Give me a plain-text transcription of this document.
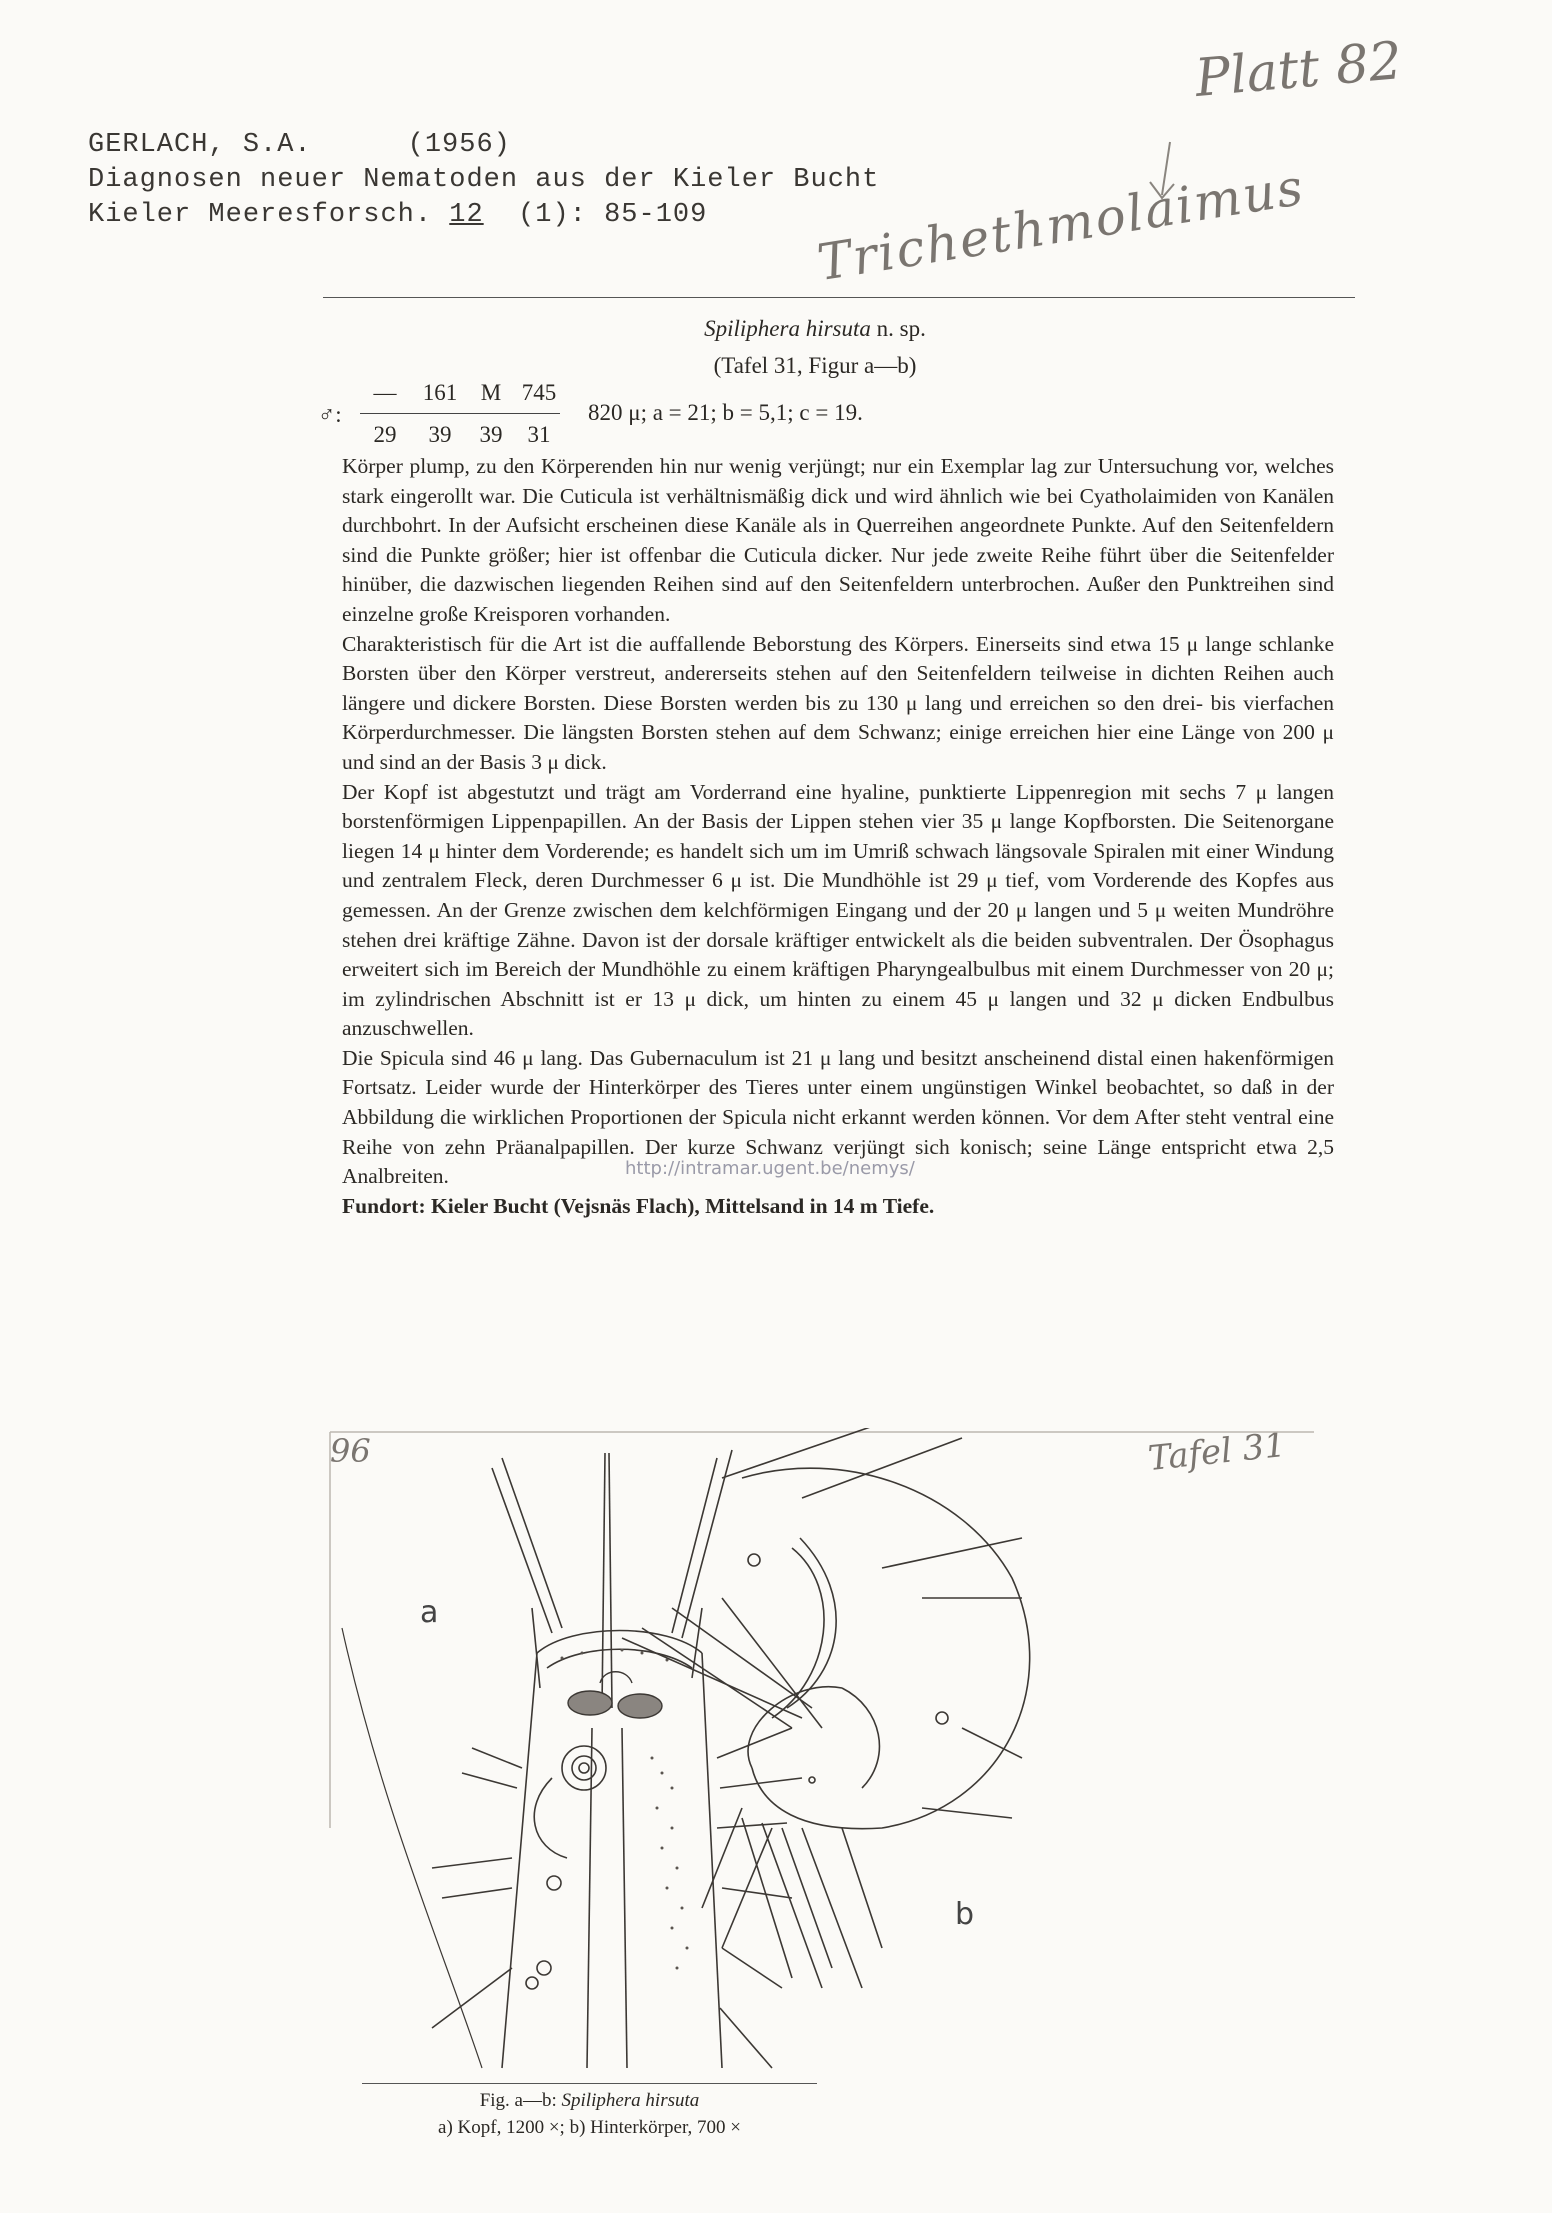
GERLACH, S.A.	(1956)
Diagnosen neuer Nematoden aus der Kieler Bucht
Kieler Meeresforsch. 12 (1): 85-109
Platt 82
Trichethmolaimus
Spiliphera hirsuta n. sp.
(Tafel 31, Figur a—b)
♂:
—	161	M 745
29	39	39	31
820 μ; a = 21; b = 5,1; c = 19.

Körper plump, zu den Körperenden hin nur wenig verjüngt; nur ein Exemplar lag zur Untersuchung vor, welches stark eingerollt war. Die Cuticula ist verhältnismäßig dick und wird ähnlich wie bei Cyatholaimiden von Kanälen durchbohrt. In der Aufsicht erscheinen diese Kanäle als in Querreihen angeordnete Punkte. Auf den Seitenfeldern sind die Punkte größer; hier ist offenbar die Cuticula dicker. Nur jede zweite Reihe führt über die Seitenfelder hinüber, die dazwischen liegenden Reihen sind auf den Seitenfeldern unterbrochen. Außer den Punktreihen sind einzelne große Kreisporen vorhanden.

Charakteristisch für die Art ist die auffallende Beborstung des Körpers. Einerseits sind etwa 15 μ lange schlanke Borsten über den Körper verstreut, andererseits stehen auf den Seitenfeldern teilweise in dichten Reihen auch längere und dickere Borsten. Diese Borsten werden bis zu 130 μ lang und erreichen so den drei- bis vierfachen Körperdurchmesser. Die längsten Borsten stehen auf dem Schwanz; einige erreichen hier eine Länge von 200 μ und sind an der Basis 3 μ dick.

Der Kopf ist abgestutzt und trägt am Vorderrand eine hyaline, punktierte Lippenregion mit sechs 7 μ langen borstenförmigen Lippenpapillen. An der Basis der Lippen stehen vier 35 μ lange Kopfborsten. Die Seitenorgane liegen 14 μ hinter dem Vorderende; es handelt sich um im Umriß schwach längsovale Spiralen mit einer Windung und zentralem Fleck, deren Durchmesser 6 μ ist. Die Mundhöhle ist 29 μ tief, vom Vorderende des Kopfes aus gemessen. An der Grenze zwischen dem kelchförmigen Eingang und der 20 μ langen und 5 μ weiten Mundröhre stehen drei kräftige Zähne. Davon ist der dorsale kräftiger entwickelt als die beiden subventralen. Der Ösophagus erweitert sich im Bereich der Mundhöhle zu einem kräftigen Pharyngealbulbus mit einem Durchmesser von 20 μ; im zylindrischen Abschnitt ist er 13 μ dick, um hinten zu einem 45 μ langen und 32 μ dicken Endbulbus anzuschwellen.

Die Spicula sind 46 μ lang. Das Gubernaculum ist 21 μ lang und besitzt anscheinend distal einen hakenförmigen Fortsatz. Leider wurde der Hinterkörper des Tieres unter einem ungünstigen Winkel beobachtet, so daß in der Abbildung die wirklichen Proportionen der Spicula nicht erkannt werden können. Vor dem After steht ventral eine Reihe von zehn Präanalpapillen. Der kurze Schwanz verjüngt sich konisch; seine Länge entspricht etwa 2,5 Analbreiten.

Fundort: Kieler Bucht (Vejsnäs Flach), Mittelsand in 14 m Tiefe.

http://intramar.ugent.be/nemys/
96	Tafel 31
a
b
Fig. a—b: Spiliphera hirsuta
a) Kopf, 1200 ×; b) Hinterkörper, 700 ×
